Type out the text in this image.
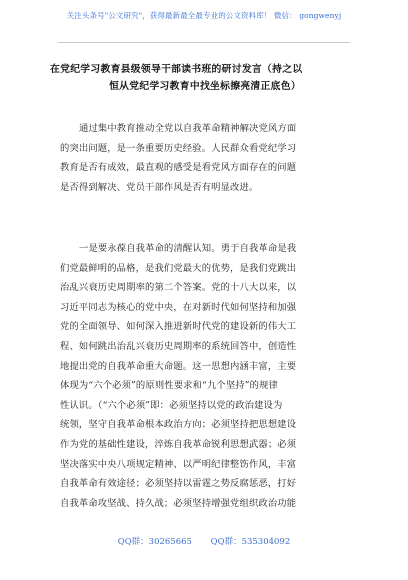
关注头条号"公文研究"，获得最新最全最专业的公文资料库！ 微信： gongwenyj
在党纪学习教育县级领导干部读书班的研讨发言（持之以
恒从党纪学习教育中找坐标擦亮清正底色）
通过集中教育推动全党以自我革命精神解决党风方面
的突出问题，是一条重要历史经验。人民群众看党纪学习
教育是否有成效，最直观的感受是看党风方面存在的问题
是否得到解决、党员干部作风是否有明显改进。
一是要永葆自我革命的清醒认知。勇于自我革命是我
们党最鲜明的品格，是我们党最大的优势，是我们党跳出
治乱兴衰历史周期率的第二个答案。党的十八大以来，以
习近平同志为核心的党中央，在对新时代如何坚持和加强
党的全面领导、如何深入推进新时代党的建设新的伟大工
程、如何跳出治乱兴衰历史周期率的系统回答中，创造性
地提出党的自我革命重大命题。这一思想内涵丰富，主要
体现为“六个必须”的原则性要求和“九个坚持”的规律
性认识。（“六个必须”即：必须坚持以党的政治建设为
统领，坚守自我革命根本政治方向；必须坚持把思想建设
作为党的基础性建设，淬炼自我革命锐利思想武器；必须
坚决落实中央八项规定精神、以严明纪律整饬作风，丰富
自我革命有效途径；必须坚持以雷霆之势反腐惩恶，打好
自我革命攻坚战、持久战；必须坚持增强党组织政治功能
QQ群：30265665 QQ群：535304092
